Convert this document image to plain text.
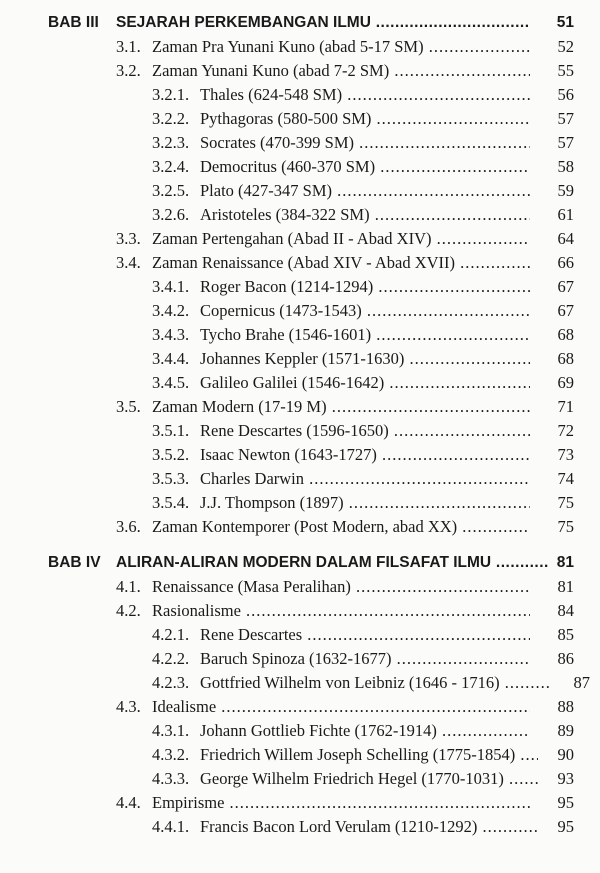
BAB III SEJARAH PERKEMBANGAN ILMU .....	51
3.1. Zaman Pra Yunani Kuno (abad 5-17 SM) .....	52
3.2. Zaman Yunani Kuno (abad 7-2 SM) .....	55
3.2.1. Thales (624-548 SM) .....	56
3.2.2. Pythagoras (580-500 SM) .....	57
3.2.3. Socrates (470-399 SM) .....	57
3.2.4. Democritus (460-370 SM) .....	58
3.2.5. Plato (427-347 SM) .....	59
3.2.6. Aristoteles (384-322 SM) .....	61
3.3. Zaman Pertengahan (Abad II - Abad XIV) .....	64
3.4. Zaman Renaissance (Abad XIV - Abad XVII) .....	66
3.4.1. Roger Bacon (1214-1294) .....	67
3.4.2. Copernicus (1473-1543) .....	67
3.4.3. Tycho Brahe (1546-1601) .....	68
3.4.4. Johannes Keppler (1571-1630) .....	68
3.4.5. Galileo Galilei (1546-1642) .....	69
3.5. Zaman Modern (17-19 M) .....	71
3.5.1. Rene Descartes (1596-1650) .....	72
3.5.2. Isaac Newton (1643-1727) .....	73
3.5.3. Charles Darwin .....	74
3.5.4. J.J. Thompson (1897) .....	75
3.6. Zaman Kontemporer (Post Modern, abad XX) .....	75
BAB IV ALIRAN-ALIRAN MODERN DALAM FILSAFAT ILMU .....	81
4.1. Renaissance (Masa Peralihan) .....	81
4.2. Rasionalisme .....	84
4.2.1. Rene Descartes .....	85
4.2.2. Baruch Spinoza (1632-1677) .....	86
4.2.3. Gottfried Wilhelm von Leibniz (1646 - 1716) .....	87
4.3. Idealisme .....	88
4.3.1. Johann Gottlieb Fichte (1762-1914) .....	89
4.3.2. Friedrich Willem Joseph Schelling (1775-1854) .....	90
4.3.3. George Wilhelm Friedrich Hegel (1770-1031) .....	93
4.4. Empirisme .....	95
4.4.1. Francis Bacon Lord Verulam (1210-1292) .....	95
